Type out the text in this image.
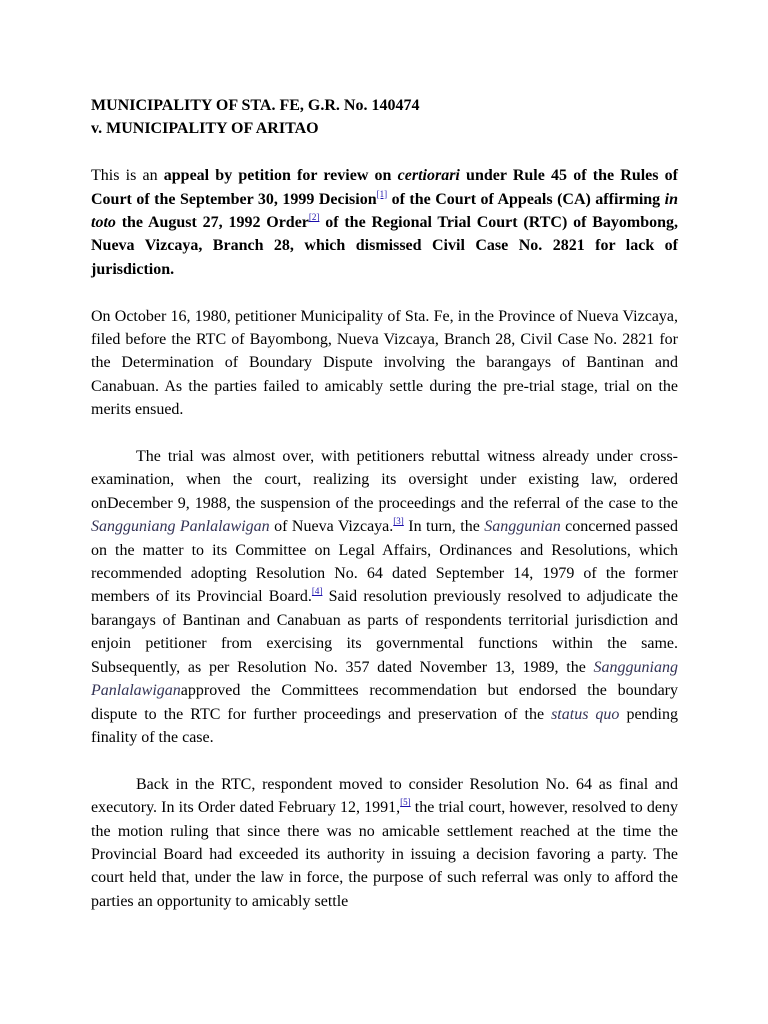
MUNICIPALITY OF STA. FE, G.R. No. 140474
v. MUNICIPALITY OF ARITAO

This is an appeal by petition for review on certiorari under Rule 45 of the Rules of Court of the September 30, 1999 Decision[1] of the Court of Appeals (CA) affirming in toto the August 27, 1992 Order[2] of the Regional Trial Court (RTC) of Bayombong, Nueva Vizcaya, Branch 28, which dismissed Civil Case No. 2821 for lack of jurisdiction.

On October 16, 1980, petitioner Municipality of Sta. Fe, in the Province of Nueva Vizcaya, filed before the RTC of Bayombong, Nueva Vizcaya, Branch 28, Civil Case No. 2821 for the Determination of Boundary Dispute involving the barangays of Bantinan and Canabuan. As the parties failed to amicably settle during the pre-trial stage, trial on the merits ensued.

The trial was almost over, with petitioners rebuttal witness already under cross-examination, when the court, realizing its oversight under existing law, ordered onDecember 9, 1988, the suspension of the proceedings and the referral of the case to the Sangguniang Panlalawigan of Nueva Vizcaya.[3] In turn, the Sanggunian concerned passed on the matter to its Committee on Legal Affairs, Ordinances and Resolutions, which recommended adopting Resolution No. 64 dated September 14, 1979 of the former members of its Provincial Board.[4] Said resolution previously resolved to adjudicate the barangays of Bantinan and Canabuan as parts of respondents territorial jurisdiction and enjoin petitioner from exercising its governmental functions within the same. Subsequently, as per Resolution No. 357 dated November 13, 1989, the Sangguniang Panlalawiganapproved the Committees recommendation but endorsed the boundary dispute to the RTC for further proceedings and preservation of the status quo pending finality of the case.

Back in the RTC, respondent moved to consider Resolution No. 64 as final and executory. In its Order dated February 12, 1991,[5] the trial court, however, resolved to deny the motion ruling that since there was no amicable settlement reached at the time the Provincial Board had exceeded its authority in issuing a decision favoring a party. The court held that, under the law in force, the purpose of such referral was only to afford the parties an opportunity to amicably settle
